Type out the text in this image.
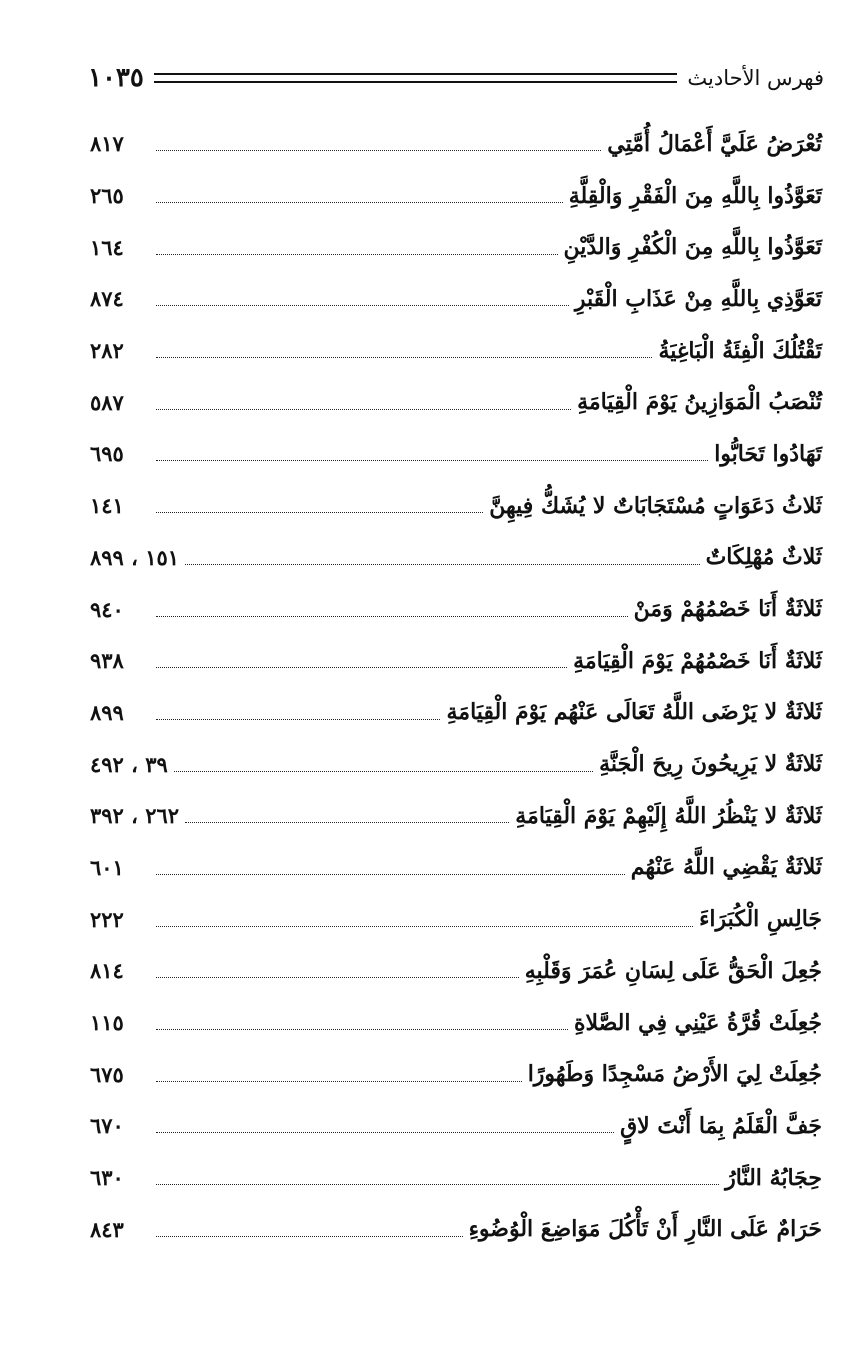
فهرس الأحاديث
١٠٣٥
تُعْرَضُ عَلَيَّ أَعْمَالُ أُمَّتِي
٨١٧
تَعَوَّذُوا بِاللَّهِ مِنَ الْفَقْرِ وَالْقِلَّةِ
٢٦٥
تَعَوَّذُوا بِاللَّهِ مِنَ الْكُفْرِ وَالدَّيْنِ
١٦٤
تَعَوَّذِي بِاللَّهِ مِنْ عَذَابِ الْقَبْرِ
٨٧٤
تَقْتُلُكَ الْفِئَةُ الْبَاغِيَةُ
٢٨٢
تُنْصَبُ الْمَوَازِينُ يَوْمَ الْقِيَامَةِ
٥٨٧
تَهَادُوا تَحَابُّوا
٦٩٥
ثَلاثُ دَعَوَاتٍ مُسْتَجَابَاتٌ لا يُشَكُّ فِيهِنَّ
١٤١
ثَلاثٌ مُهْلِكَاتٌ
١٥١ ، ٨٩٩
ثَلاثَةٌ أَنَا خَصْمُهُمْ وَمَنْ
٩٤٠
ثَلاثَةٌ أَنَا خَصْمُهُمْ يَوْمَ الْقِيَامَةِ
٩٣٨
ثَلاثَةٌ لا يَرْضَى اللَّهُ تَعَالَى عَنْهُم يَوْمَ الْقِيَامَةِ
٨٩٩
ثَلاثَةٌ لا يَرِيحُونَ رِيحَ الْجَنَّةِ
٣٩ ، ٤٩٢
ثَلاثَةٌ لا يَنْظُرُ اللَّهُ إِلَيْهِمْ يَوْمَ الْقِيَامَةِ
٢٦٢ ، ٣٩٢
ثَلاثَةٌ يَقْضِي اللَّهُ عَنْهُم
٦٠١
جَالِسِ الْكُبَرَاءَ
٢٢٢
جُعِلَ الْحَقُّ عَلَى لِسَانِ عُمَرَ وَقَلْبِهِ
٨١٤
جُعِلَتْ قُرَّةُ عَيْنِي فِي الصَّلاةِ
١١٥
جُعِلَتْ لِيَ الأَرْضُ مَسْجِدًا وَطَهُورًا
٦٧٥
جَفَّ الْقَلَمُ بِمَا أَنْتَ لاقٍ
٦٧٠
حِجَابُهُ النَّارُ
٦٣٠
حَرَامٌ عَلَى النَّارِ أَنْ تَأْكُلَ مَوَاضِعَ الْوُضُوءِ
٨٤٣
